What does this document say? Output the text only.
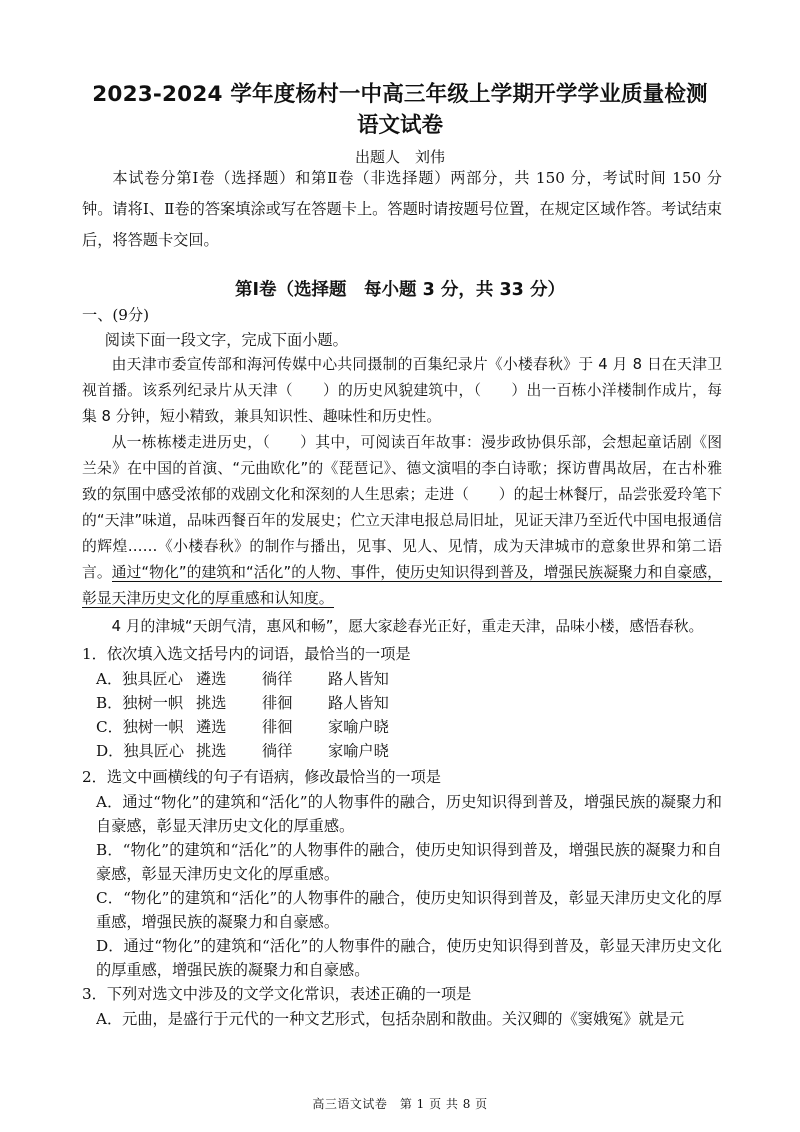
2023-2024 学年度杨村一中高三年级上学期开学学业质量检测
语文试卷
出题人　刘伟
本试卷分第Ⅰ卷（选择题）和第Ⅱ卷（非选择题）两部分，共 150 分，考试时间 150 分钟。请将Ⅰ、Ⅱ卷的答案填涂或写在答题卡上。答题时请按题号位置，在规定区域作答。考试结束后，将答题卡交回。
第Ⅰ卷（选择题　每小题 3 分，共 33 分）
一、(9分)
阅读下面一段文字，完成下面小题。

由天津市委宣传部和海河传媒中心共同摄制的百集纪录片《小楼春秋》于 4 月 8 日在天津卫视首播。该系列纪录片从天津（　　）的历史风貌建筑中，（　　）出一百栋小洋楼制作成片，每集 8 分钟，短小精致，兼具知识性、趣味性和历史性。

从一栋栋楼走进历史，（　　）其中，可阅读百年故事：漫步政协俱乐部，会想起童话剧《图兰朵》在中国的首演、“元曲欧化”的《琵琶记》、德文演唱的李白诗歌；探访曹禺故居，在古朴雅致的氛围中感受浓郁的戏剧文化和深刻的人生思索；走进（　　）的起士林餐厅，品尝张爱玲笔下的“天津”味道，品味西餐百年的发展史；伫立天津电报总局旧址，见证天津乃至近代中国电报通信的辉煌……《小楼春秋》的制作与播出，见事、见人、见情，成为天津城市的意象世界和第二语言。通过“物化”的建筑和“活化”的人物、事件，使历史知识得到普及，增强民族凝聚力和自豪感，彰显天津历史文化的厚重感和认知度。

4 月的津城“天朗气清，惠风和畅”，愿大家趁春光正好，重走天津，品味小楼，感悟春秋。

1．依次填入选文括号内的词语，最恰当的一项是

A．独具匠心 遴选	徜徉	路人皆知
B．独树一帜 挑选	徘徊	路人皆知
C．独树一帜 遴选	徘徊	家喻户晓
D．独具匠心 挑选	徜徉	家喻户晓

2．选文中画横线的句子有语病，修改最恰当的一项是

A．通过“物化”的建筑和“活化”的人物事件的融合，历史知识得到普及，增强民族的凝聚力和自豪感，彰显天津历史文化的厚重感。

B．“物化”的建筑和“活化”的人物事件的融合，使历史知识得到普及，增强民族的凝聚力和自豪感，彰显天津历史文化的厚重感。

C．“物化”的建筑和“活化”的人物事件的融合，使历史知识得到普及，彰显天津历史文化的厚重感，增强民族的凝聚力和自豪感。

D．通过“物化”的建筑和“活化”的人物事件的融合，使历史知识得到普及，彰显天津历史文化的厚重感，增强民族的凝聚力和自豪感。

3．下列对选文中涉及的文学文化常识，表述正确的一项是

A．元曲，是盛行于元代的一种文艺形式，包括杂剧和散曲。关汉卿的《窦娥冤》就是元

高三语文试卷　第 1 页 共 8 页
